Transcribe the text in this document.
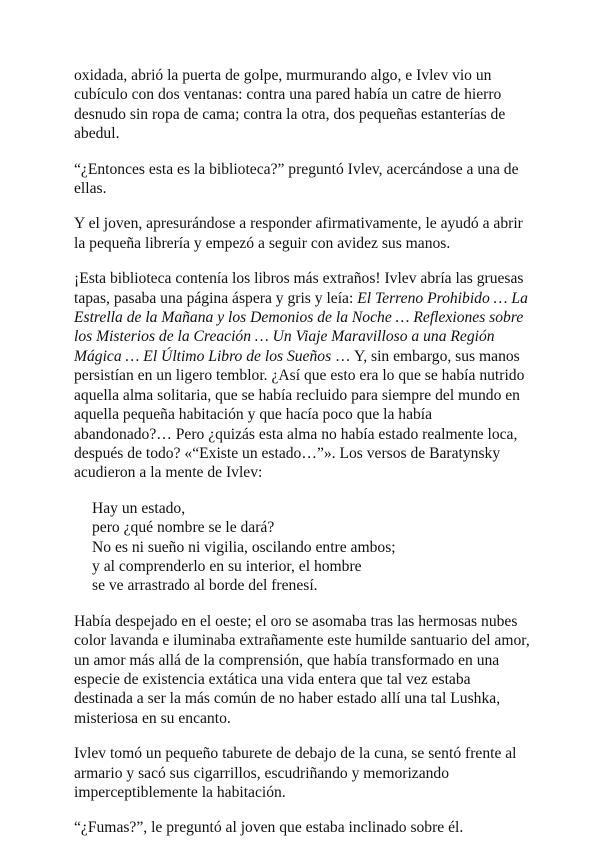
oxidada, abrió la puerta de golpe, murmurando algo, e Ivlev vio un cubículo con dos ventanas: contra una pared había un catre de hierro desnudo sin ropa de cama; contra la otra, dos pequeñas estanterías de abedul.

“¿Entonces esta es la biblioteca?” preguntó Ivlev, acercándose a una de ellas.

Y el joven, apresurándose a responder afirmativamente, le ayudó a abrir la pequeña librería y empezó a seguir con avidez sus manos.

¡Esta biblioteca contenía los libros más extraños! Ivlev abría las gruesas tapas, pasaba una página áspera y gris y leía: El Terreno Prohibido … La Estrella de la Mañana y los Demonios de la Noche … Reflexiones sobre los Misterios de la Creación … Un Viaje Maravilloso a una Región Mágica … El Último Libro de los Sueños … Y, sin embargo, sus manos persistían en un ligero temblor. ¿Así que esto era lo que se había nutrido aquella alma solitaria, que se había recluido para siempre del mundo en aquella pequeña habitación y que hacía poco que la había abandonado?… Pero ¿quizás esta alma no había estado realmente loca, después de todo? «“Existe un estado…”». Los versos de Baratynsky acudieron a la mente de Ivlev:

Hay un estado,
pero ¿qué nombre se le dará?
No es ni sueño ni vigilia, oscilando entre ambos;
y al comprenderlo en su interior, el hombre
se ve arrastrado al borde del frenesí.

Había despejado en el oeste; el oro se asomaba tras las hermosas nubes color lavanda e iluminaba extrañamente este humilde santuario del amor, un amor más allá de la comprensión, que había transformado en una especie de existencia extática una vida entera que tal vez estaba destinada a ser la más común de no haber estado allí una tal Lushka, misteriosa en su encanto.

Ivlev tomó un pequeño taburete de debajo de la cuna, se sentó frente al armario y sacó sus cigarrillos, escudriñando y memorizando imperceptiblemente la habitación.

“¿Fumas?”, le preguntó al joven que estaba inclinado sobre él.
